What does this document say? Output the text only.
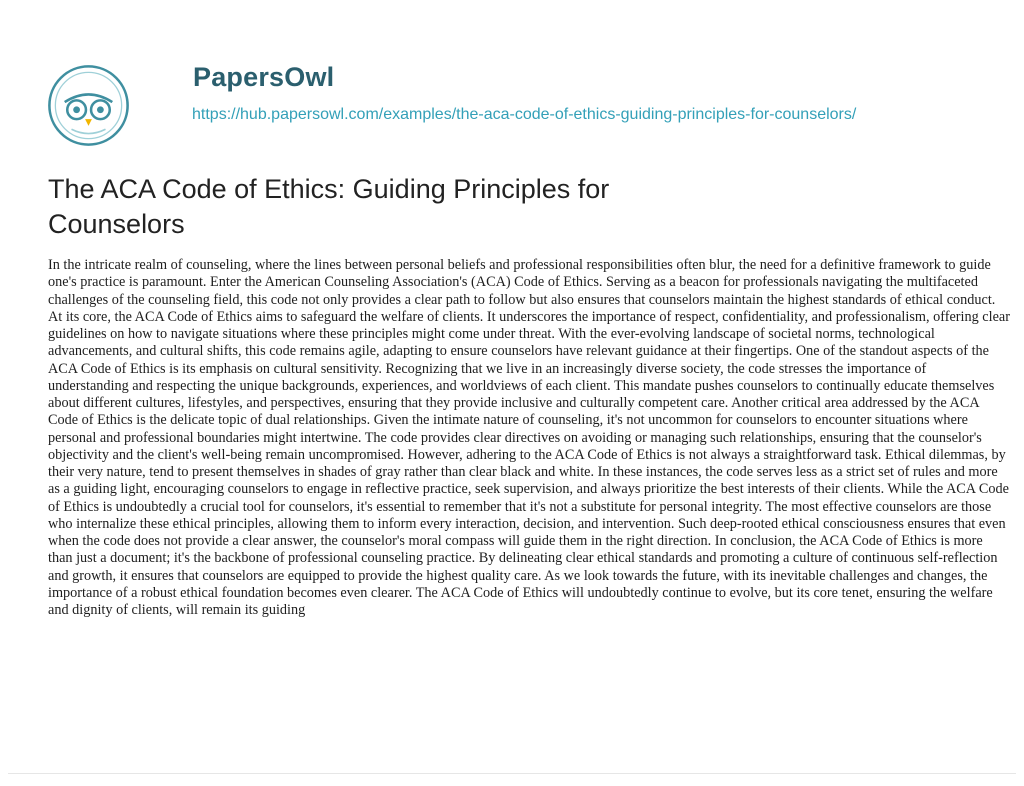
PapersOwl
https://hub.papersowl.com/examples/the-aca-code-of-ethics-guiding-principles-for-counselors/
The ACA Code of Ethics: Guiding Principles for Counselors

In the intricate realm of counseling, where the lines between personal beliefs and professional responsibilities often blur, the need for a definitive framework to guide one's practice is paramount. Enter the American Counseling Association's (ACA) Code of Ethics. Serving as a beacon for professionals navigating the multifaceted challenges of the counseling field, this code not only provides a clear path to follow but also ensures that counselors maintain the highest standards of ethical conduct. At its core, the ACA Code of Ethics aims to safeguard the welfare of clients. It underscores the importance of respect, confidentiality, and professionalism, offering clear guidelines on how to navigate situations where these principles might come under threat. With the ever-evolving landscape of societal norms, technological advancements, and cultural shifts, this code remains agile, adapting to ensure counselors have relevant guidance at their fingertips. One of the standout aspects of the ACA Code of Ethics is its emphasis on cultural sensitivity. Recognizing that we live in an increasingly diverse society, the code stresses the importance of understanding and respecting the unique backgrounds, experiences, and worldviews of each client. This mandate pushes counselors to continually educate themselves about different cultures, lifestyles, and perspectives, ensuring that they provide inclusive and culturally competent care. Another critical area addressed by the ACA Code of Ethics is the delicate topic of dual relationships. Given the intimate nature of counseling, it's not uncommon for counselors to encounter situations where personal and professional boundaries might intertwine. The code provides clear directives on avoiding or managing such relationships, ensuring that the counselor's objectivity and the client's well-being remain uncompromised. However, adhering to the ACA Code of Ethics is not always a straightforward task. Ethical dilemmas, by their very nature, tend to present themselves in shades of gray rather than clear black and white. In these instances, the code serves less as a strict set of rules and more as a guiding light, encouraging counselors to engage in reflective practice, seek supervision, and always prioritize the best interests of their clients. While the ACA Code of Ethics is undoubtedly a crucial tool for counselors, it's essential to remember that it's not a substitute for personal integrity. The most effective counselors are those who internalize these ethical principles, allowing them to inform every interaction, decision, and intervention. Such deep-rooted ethical consciousness ensures that even when the code does not provide a clear answer, the counselor's moral compass will guide them in the right direction. In conclusion, the ACA Code of Ethics is more than just a document; it's the backbone of professional counseling practice. By delineating clear ethical standards and promoting a culture of continuous self-reflection and growth, it ensures that counselors are equipped to provide the highest quality care. As we look towards the future, with its inevitable challenges and changes, the importance of a robust ethical foundation becomes even clearer. The ACA Code of Ethics will undoubtedly continue to evolve, but its core tenet, ensuring the welfare and dignity of clients, will remain its guiding
